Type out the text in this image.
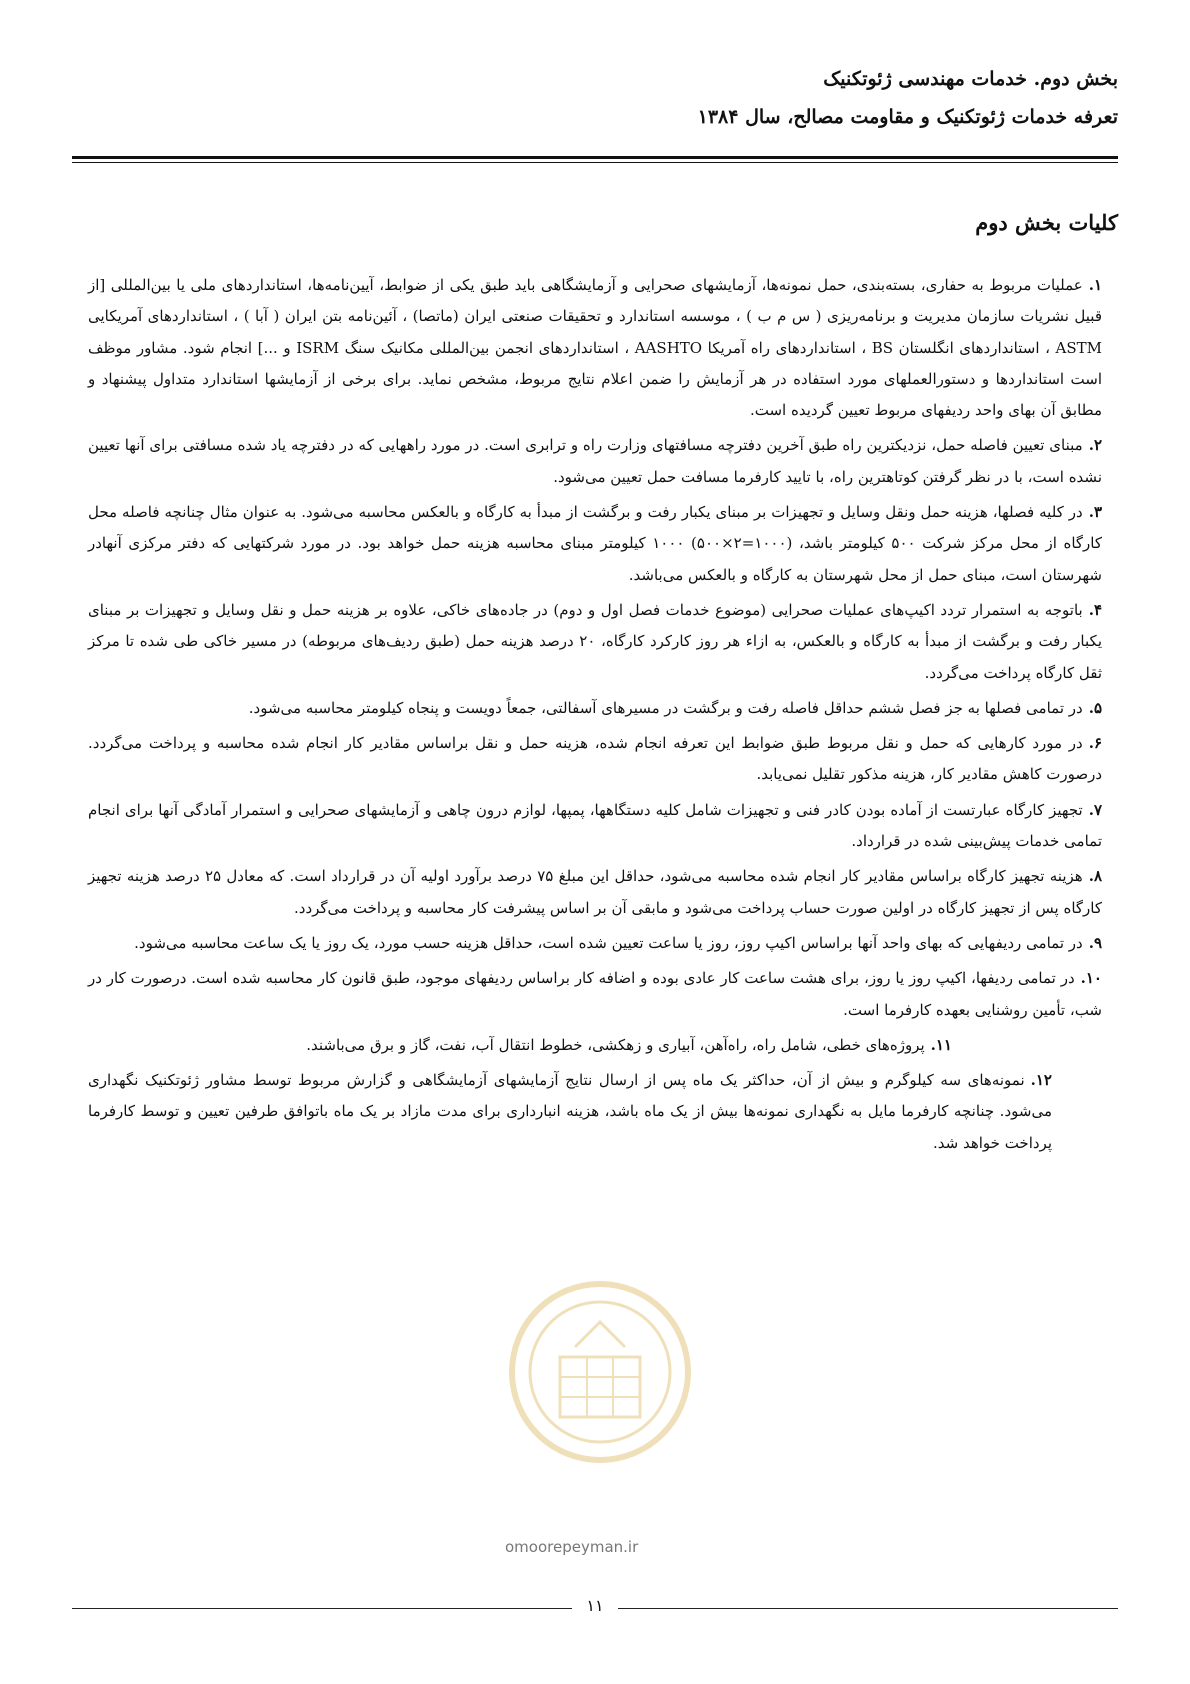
بخش دوم. خدمات مهندسی ژئوتکنیک
تعرفه خدمات ژئوتکنیک و مقاومت مصالح، سال ۱۳۸۴
کلیات بخش دوم

۱.عملیات مربوط به حفاری، بسته‌بندی، حمل نمونه‌ها، آزمایشهای صحرایی و آزمایشگاهی باید طبق یکی از ضوابط، آیین‌نامه‌ها، استانداردهای ملی یا بین‌المللی [از قبیل نشریات سازمان مدیریت و برنامه‌ریزی ( س م ب ) ، موسسه استاندارد و تحقیقات صنعتی ایران (ماتصا) ، آئین‌نامه بتن ایران ( آبا ) ، استانداردهای آمریکایی ASTM ، استانداردهای انگلستان BS ، استانداردهای راه آمریکا AASHTO ، استانداردهای انجمن بین‌المللی مکانیک سنگ ISRM و ...] انجام شود. مشاور موظف است استانداردها و دستورالعملهای مورد استفاده در هر آزمایش را ضمن اعلام نتایج مربوط، مشخص نماید. برای برخی از آزمایشها استاندارد متداول پیشنهاد و مطابق آن بهای واحد ردیفهای مربوط تعیین گردیده است.

۲.مبنای تعیین فاصله حمل، نزدیکترین راه طبق آخرین دفترچه مسافتهای وزارت راه و ترابری است. در مورد راههایی که در دفترچه یاد شده مسافتی برای آنها تعیین نشده است، با در نظر گرفتن کوتاهترین راه، با تایید کارفرما مسافت حمل تعیین می‌شود.

۳.در کلیه فصلها، هزینه حمل ونقل وسایل و تجهیزات بر مبنای یکبار رفت و برگشت از مبدأ به کارگاه و بالعکس محاسبه می‌شود. به عنوان مثال چنانچه فاصله محل کارگاه از محل مرکز شرکت ۵۰۰ کیلومتر باشد، (۱۰۰۰=۲×۵۰۰) ۱۰۰۰ کیلومتر مبنای محاسبه هزینه حمل خواهد بود. در مورد شرکتهایی که دفتر مرکزی آنهادر شهرستان است، مبنای حمل از محل شهرستان به کارگاه و بالعکس می‌باشد.

۴.باتوجه به استمرار تردد اکیپ‌های عملیات صحرایی (موضوع خدمات فصل اول و دوم) در جاده‌های خاکی، علاوه بر هزینه حمل و نقل وسایل و تجهیزات بر مبنای یکبار رفت و برگشت از مبدأ به کارگاه و بالعکس، به ازاء هر روز کارکرد کارگاه، ۲۰ درصد هزینه حمل (طبق ردیف‌های مربوطه) در مسیر خاکی طی شده تا مرکز ثقل کارگاه پرداخت می‌گردد.

۵.در تمامی فصلها به جز فصل ششم حداقل فاصله رفت و برگشت در مسیرهای آسفالتی، جمعاً دویست و پنجاه کیلومتر محاسبه می‌شود.

۶.در مورد کارهایی که حمل و نقل مربوط طبق ضوابط این تعرفه انجام شده، هزینه حمل و نقل براساس مقادیر کار انجام شده محاسبه و پرداخت می‌گردد. درصورت کاهش مقادیر کار، هزینه مذکور تقلیل نمی‌یابد.

۷.تجهیز کارگاه عبارتست از آماده بودن کادر فنی و تجهیزات شامل کلیه دستگاهها، پمپها، لوازم درون چاهی و آزمایشهای صحرایی و استمرار آمادگی آنها برای انجام تمامی خدمات پیش‌بینی شده در قرارداد.

۸.هزینه تجهیز کارگاه براساس مقادیر کار انجام شده محاسبه می‌شود، حداقل این مبلغ ۷۵ درصد برآورد اولیه آن در قرارداد است. که معادل ۲۵ درصد هزینه تجهیز کارگاه پس از تجهیز کارگاه در اولین صورت حساب پرداخت می‌شود و مابقی آن بر اساس پیشرفت کار محاسبه و پرداخت می‌گردد.

۹.در تمامی ردیفهایی که بهای واحد آنها براساس اکیپ روز، روز یا ساعت تعیین شده است، حداقل هزینه حسب مورد، یک روز یا یک ساعت محاسبه می‌شود.

۱۰.در تمامی ردیفها، اکیپ روز یا روز، برای هشت ساعت کار عادی بوده و اضافه کار براساس ردیفهای موجود، طبق قانون کار محاسبه شده است. درصورت کار در شب، تأمین روشنایی بعهده کارفرما است.

۱۱.پروژه‌های خطی، شامل راه، راه‌آهن، آبیاری و زهکشی، خطوط انتقال آب، نفت، گاز و برق می‌باشند.

۱۲.نمونه‌های سه کیلوگرم و بیش از آن، حداکثر یک ماه پس از ارسال نتایج آزمایشهای آزمایشگاهی و گزارش مربوط توسط مشاور ژئوتکنیک نگهداری می‌شود. چنانچه کارفرما مایل به نگهداری نمونه‌ها بیش از یک ماه باشد، هزینه انبارداری برای مدت مازاد بر یک ماه باتوافق طرفین تعیین و توسط کارفرما پرداخت خواهد شد.

omoorepeyman.ir
۱۱
